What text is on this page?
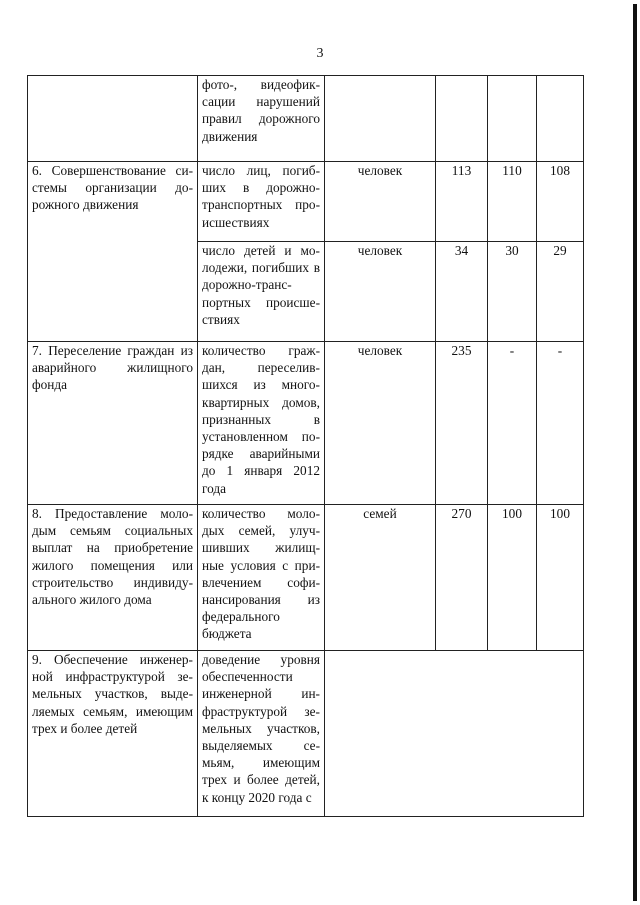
3
	фото-, видеофик- сации нарушений правил дорожного движения				
6. Совершенствование си- стемы организации до- рожного движения	число лиц, погиб- ших в дорожно- транспортных про- исшествиях	человек	113	110	108
	число детей и мо- лодежи, погибших в дорожно-транс- портных происше- ствиях	человек	34	30	29
7. Переселение граждан из аварийного жилищного фонда	количество граж- дан, переселив- шихся из много- квартирных домов, признанных в установленном по- рядке аварийными до 1 января 2012 года	человек	235	-	-
8. Предоставление моло- дым семьям социальных выплат на приобретение жилого помещения или строительство индивиду- ального жилого дома	количество моло- дых семей, улуч- шивших жилищ- ные условия с при- влечением софи- нансирования из федерального бюджета	семей	270	100	100
9. Обеспечение инженер- ной инфраструктурой зе- мельных участков, выде- ляемых семьям, имеющим трех и более детей	доведение уровня обеспеченности инженерной ин- фраструктурой зе- мельных участков, выделяемых се- мьям, имеющим трех и более детей, к концу 2020 года с				
